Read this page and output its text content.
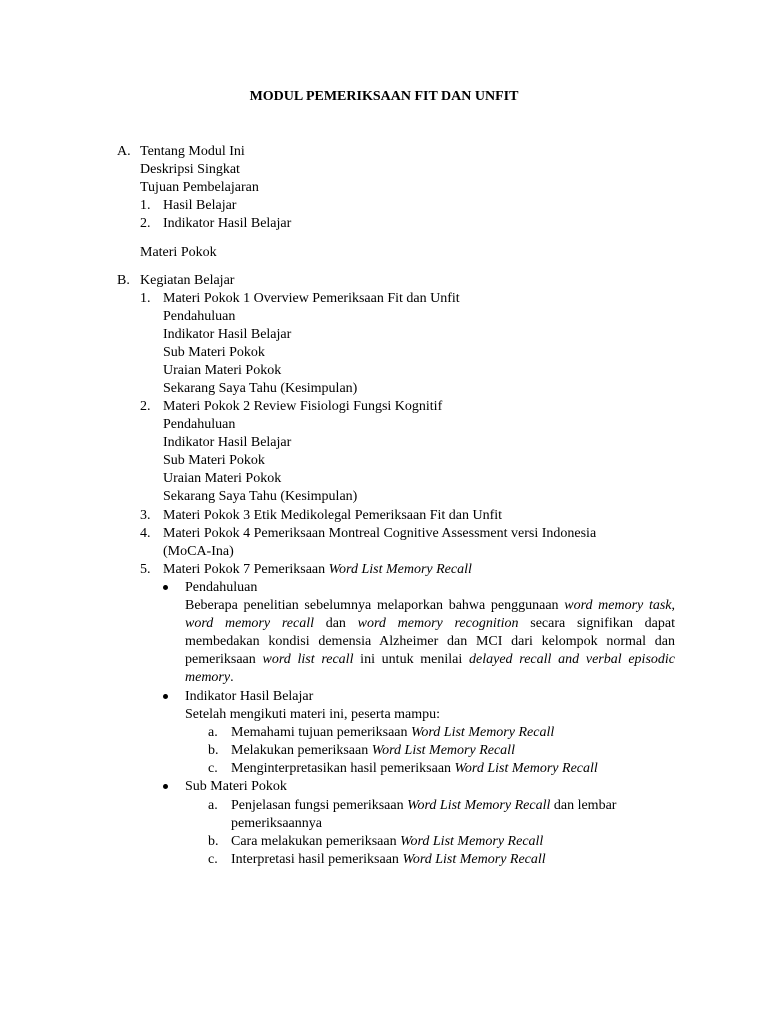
MODUL PEMERIKSAAN FIT DAN UNFIT
A. Tentang Modul Ini
Deskripsi Singkat
Tujuan Pembelajaran
1. Hasil Belajar
2. Indikator Hasil Belajar
Materi Pokok
B. Kegiatan Belajar
1. Materi Pokok 1 Overview Pemeriksaan Fit dan Unfit
Pendahuluan
Indikator Hasil Belajar
Sub Materi Pokok
Uraian Materi Pokok
Sekarang Saya Tahu (Kesimpulan)
2. Materi Pokok 2 Review Fisiologi Fungsi Kognitif
Pendahuluan
Indikator Hasil Belajar
Sub Materi Pokok
Uraian Materi Pokok
Sekarang Saya Tahu (Kesimpulan)
3. Materi Pokok 3 Etik Medikolegal Pemeriksaan Fit dan Unfit
4. Materi Pokok 4 Pemeriksaan Montreal Cognitive Assessment versi Indonesia
(MoCA-Ina)
5. Materi Pokok 7 Pemeriksaan Word List Memory Recall
Pendahuluan

Beberapa penelitian sebelumnya melaporkan bahwa penggunaan word memory task, word memory recall dan word memory recognition secara signifikan dapat membedakan kondisi demensia Alzheimer dan MCI dari kelompok normal dan pemeriksaan word list recall ini untuk menilai delayed recall and verbal episodic memory.

Indikator Hasil Belajar
Setelah mengikuti materi ini, peserta mampu:
a. Memahami tujuan pemeriksaan Word List Memory Recall
b. Melakukan pemeriksaan Word List Memory Recall
c. Menginterpretasikan hasil pemeriksaan Word List Memory Recall
Sub Materi Pokok
a. Penjelasan fungsi pemeriksaan Word List Memory Recall dan lembar
pemeriksaannya
b. Cara melakukan pemeriksaan Word List Memory Recall
c. Interpretasi hasil pemeriksaan Word List Memory Recall
